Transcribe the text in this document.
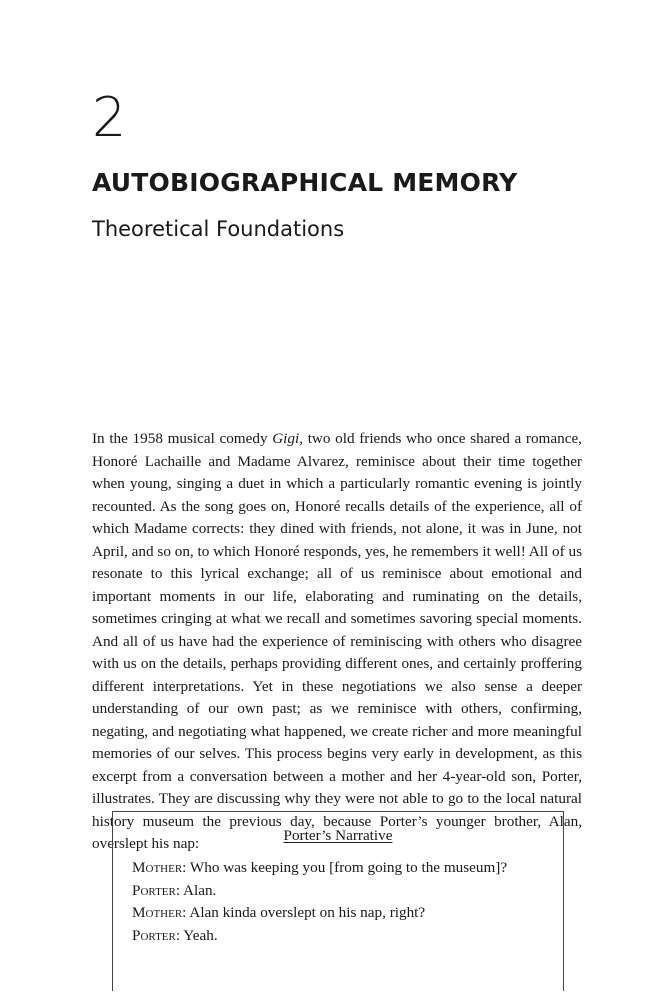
2
AUTOBIOGRAPHICAL MEMORY
Theoretical Foundations

In the 1958 musical comedy Gigi, two old friends who once shared a romance, Honoré Lachaille and Madame Alvarez, reminisce about their time together when young, singing a duet in which a particularly romantic evening is jointly recounted. As the song goes on, Honoré recalls details of the experience, all of which Madame corrects: they dined with friends, not alone, it was in June, not April, and so on, to which Honoré responds, yes, he remembers it well! All of us resonate to this lyrical exchange; all of us reminisce about emotional and important moments in our life, elaborating and ruminating on the details, sometimes cringing at what we recall and sometimes savoring special moments. And all of us have had the experience of reminiscing with others who disagree with us on the details, perhaps providing different ones, and certainly proffering different interpretations. Yet in these negotiations we also sense a deeper understanding of our own past; as we reminisce with others, confirming, negating, and negotiating what happened, we create richer and more meaningful memories of our selves. This process begins very early in development, as this excerpt from a conversation between a mother and her 4-year-old son, Porter, illustrates. They are discussing why they were not able to go to the local natural history museum the previous day, because Porter’s younger brother, Alan, overslept his nap:	Porter’s Narrative

Mother: Who was keeping you [from going to the museum]?
Porter: Alan.
Mother: Alan kinda overslept on his nap, right?
Porter: Yeah.
